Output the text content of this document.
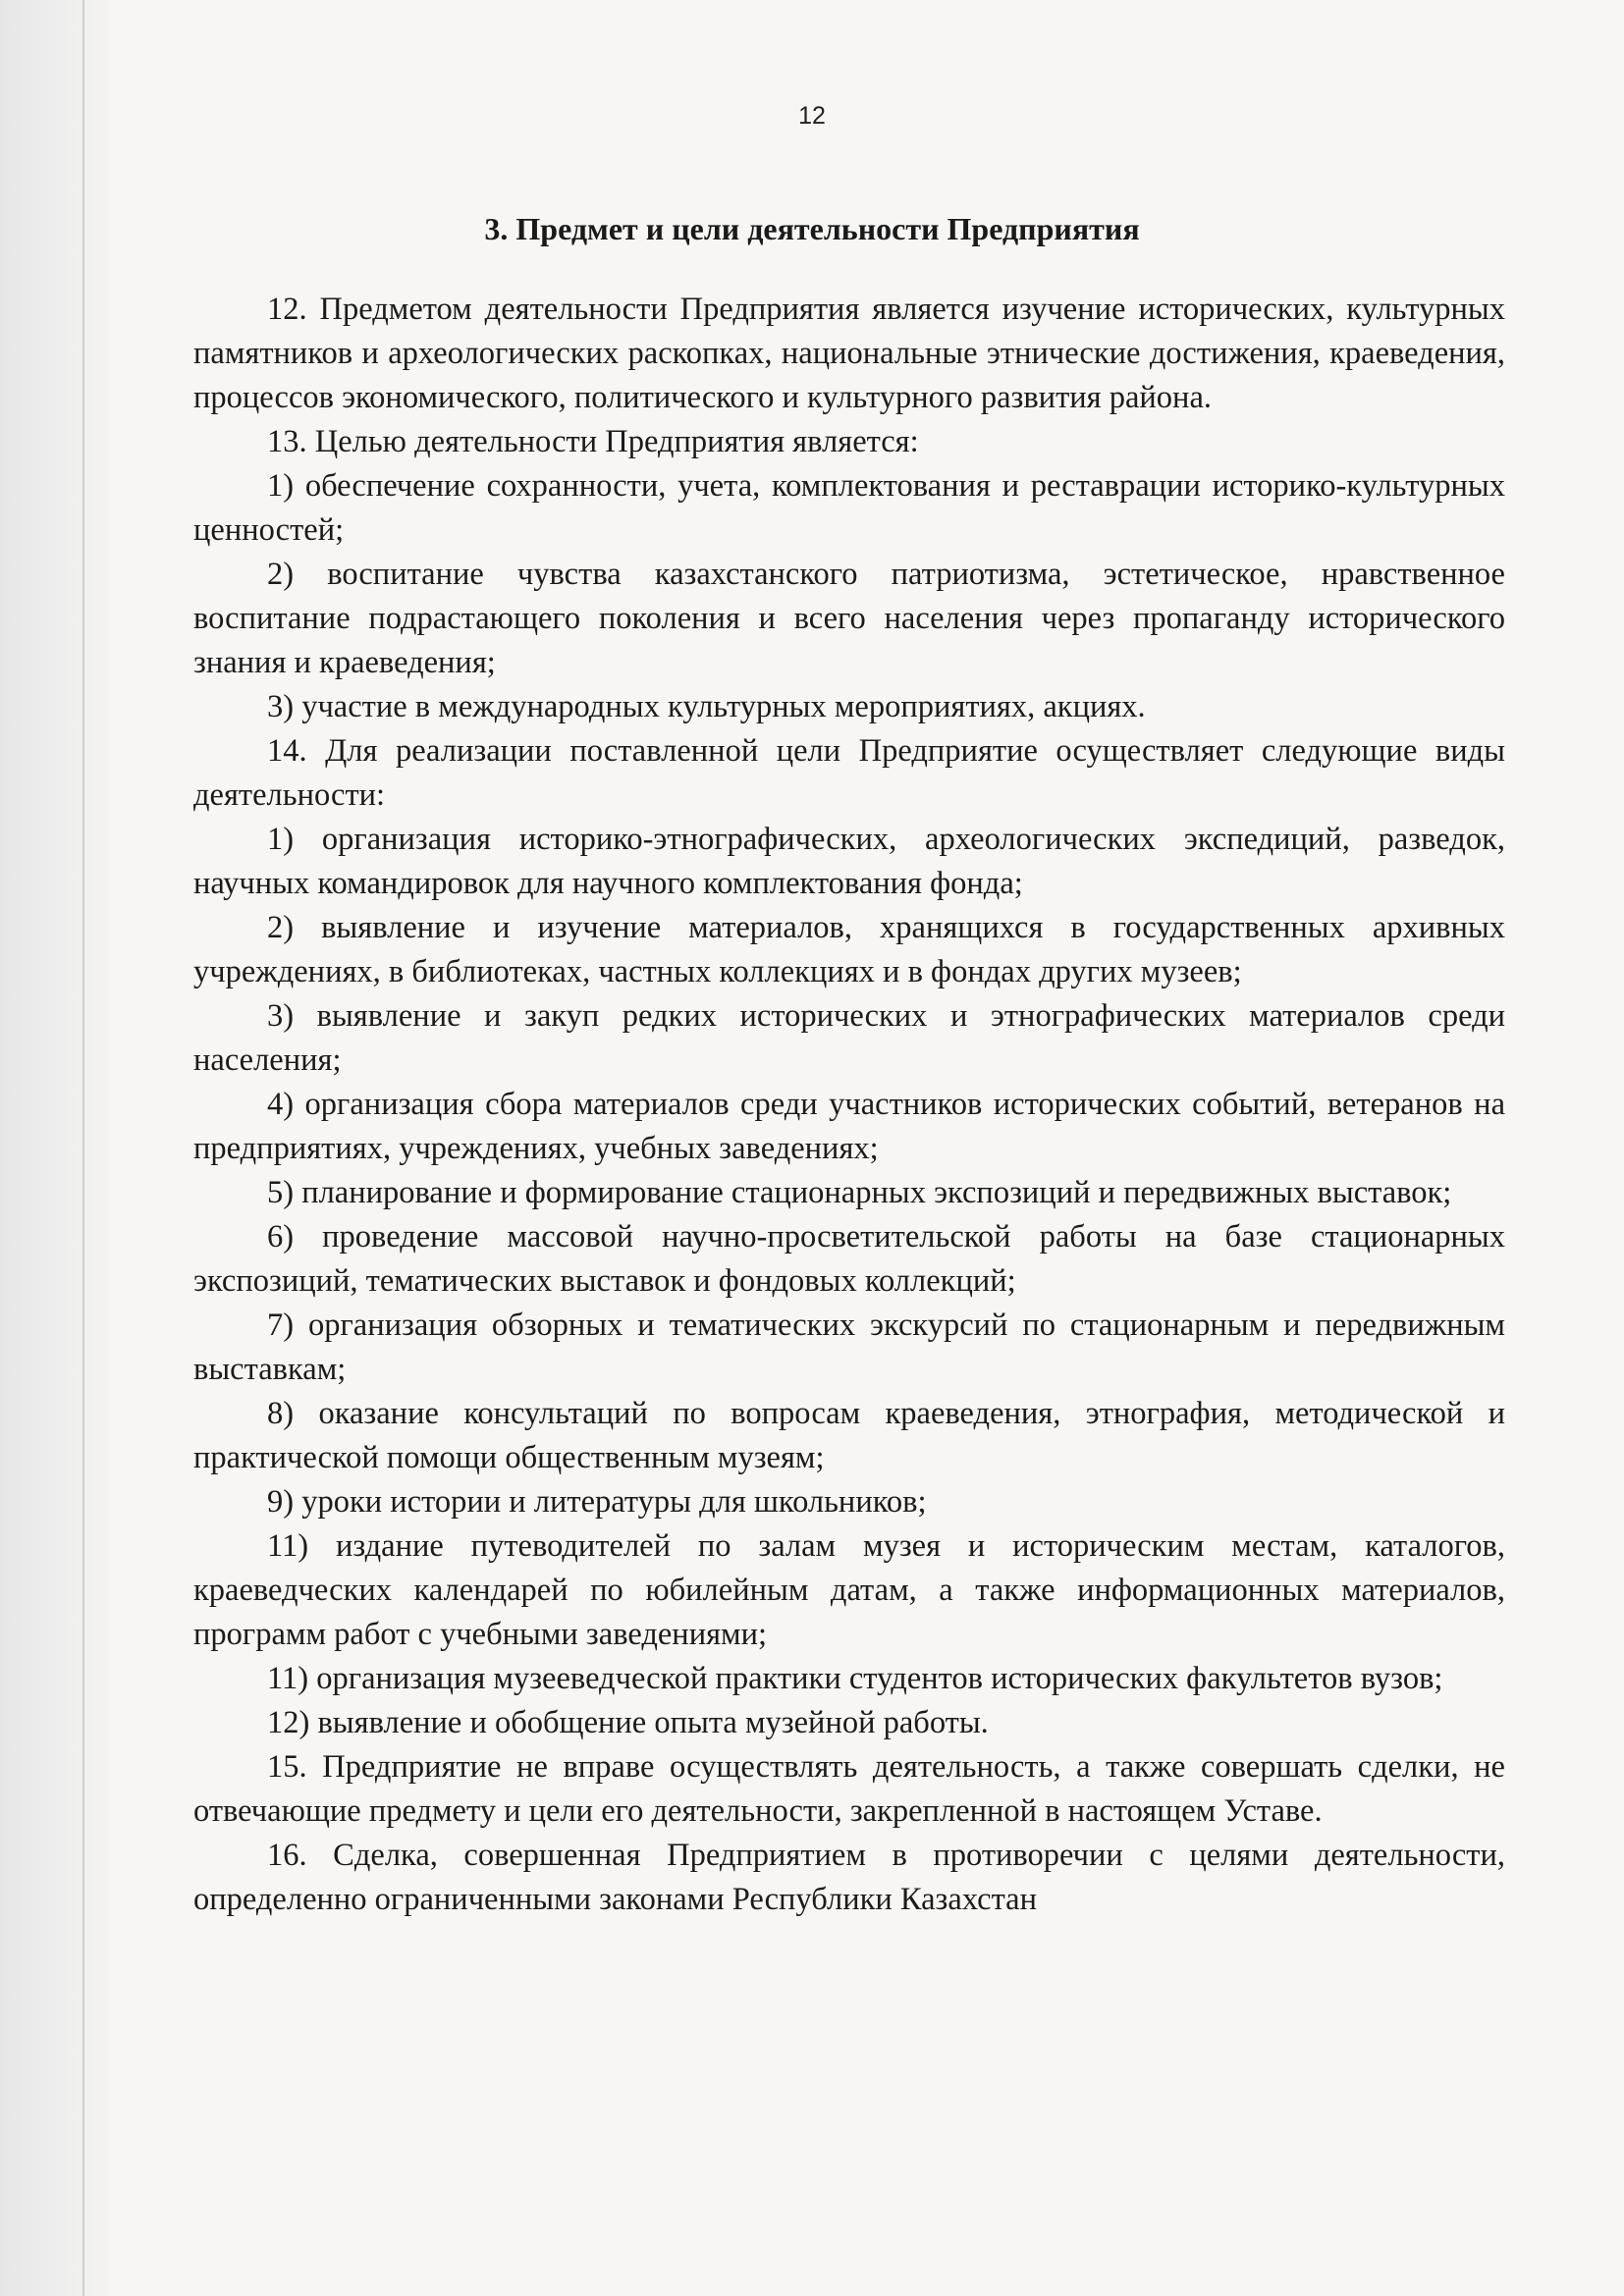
12
3. Предмет и цели деятельности Предприятия

12. Предметом деятельности Предприятия является изучение исторических, культурных памятников и археологических раскопках, национальные этнические достижения, краеведения, процессов экономического, политического и культурного развития района.

13. Целью деятельности Предприятия является:

1) обеспечение сохранности, учета, комплектования и реставрации историко-культурных ценностей;

2) воспитание чувства казахстанского патриотизма, эстетическое, нравственное воспитание подрастающего поколения и всего населения через пропаганду исторического знания и краеведения;

3) участие в международных культурных мероприятиях, акциях.

14. Для реализации поставленной цели Предприятие осуществляет следующие виды деятельности:

1) организация историко-этнографических, археологических экспедиций, разведок, научных командировок для научного комплектования фонда;

2) выявление и изучение материалов, хранящихся в государственных архивных учреждениях, в библиотеках, частных коллекциях и в фондах других музеев;

3) выявление и закуп редких исторических и этнографических материалов среди населения;

4) организация сбора материалов среди участников исторических событий, ветеранов на предприятиях, учреждениях, учебных заведениях;

5) планирование и формирование стационарных экспозиций и передвижных выставок;

6) проведение массовой научно-просветительской работы на базе стационарных экспозиций, тематических выставок и фондовых коллекций;

7) организация обзорных и тематических экскурсий по стационарным и передвижным выставкам;

8) оказание консультаций по вопросам краеведения, этнография, методической и практической помощи общественным музеям;

9) уроки истории и литературы для школьников;

11) издание путеводителей по залам музея и историческим местам, каталогов, краеведческих календарей по юбилейным датам, а также информационных материалов, программ работ с учебными заведениями;

11) организация музееведческой практики студентов исторических факультетов вузов;

12) выявление и обобщение опыта музейной работы.

15. Предприятие не вправе осуществлять деятельность, а также совершать сделки, не отвечающие предмету и цели его деятельности, закрепленной в настоящем Уставе.

16. Сделка, совершенная Предприятием в противоречии с целями деятельности, определенно ограниченными законами Республики Казахстан
